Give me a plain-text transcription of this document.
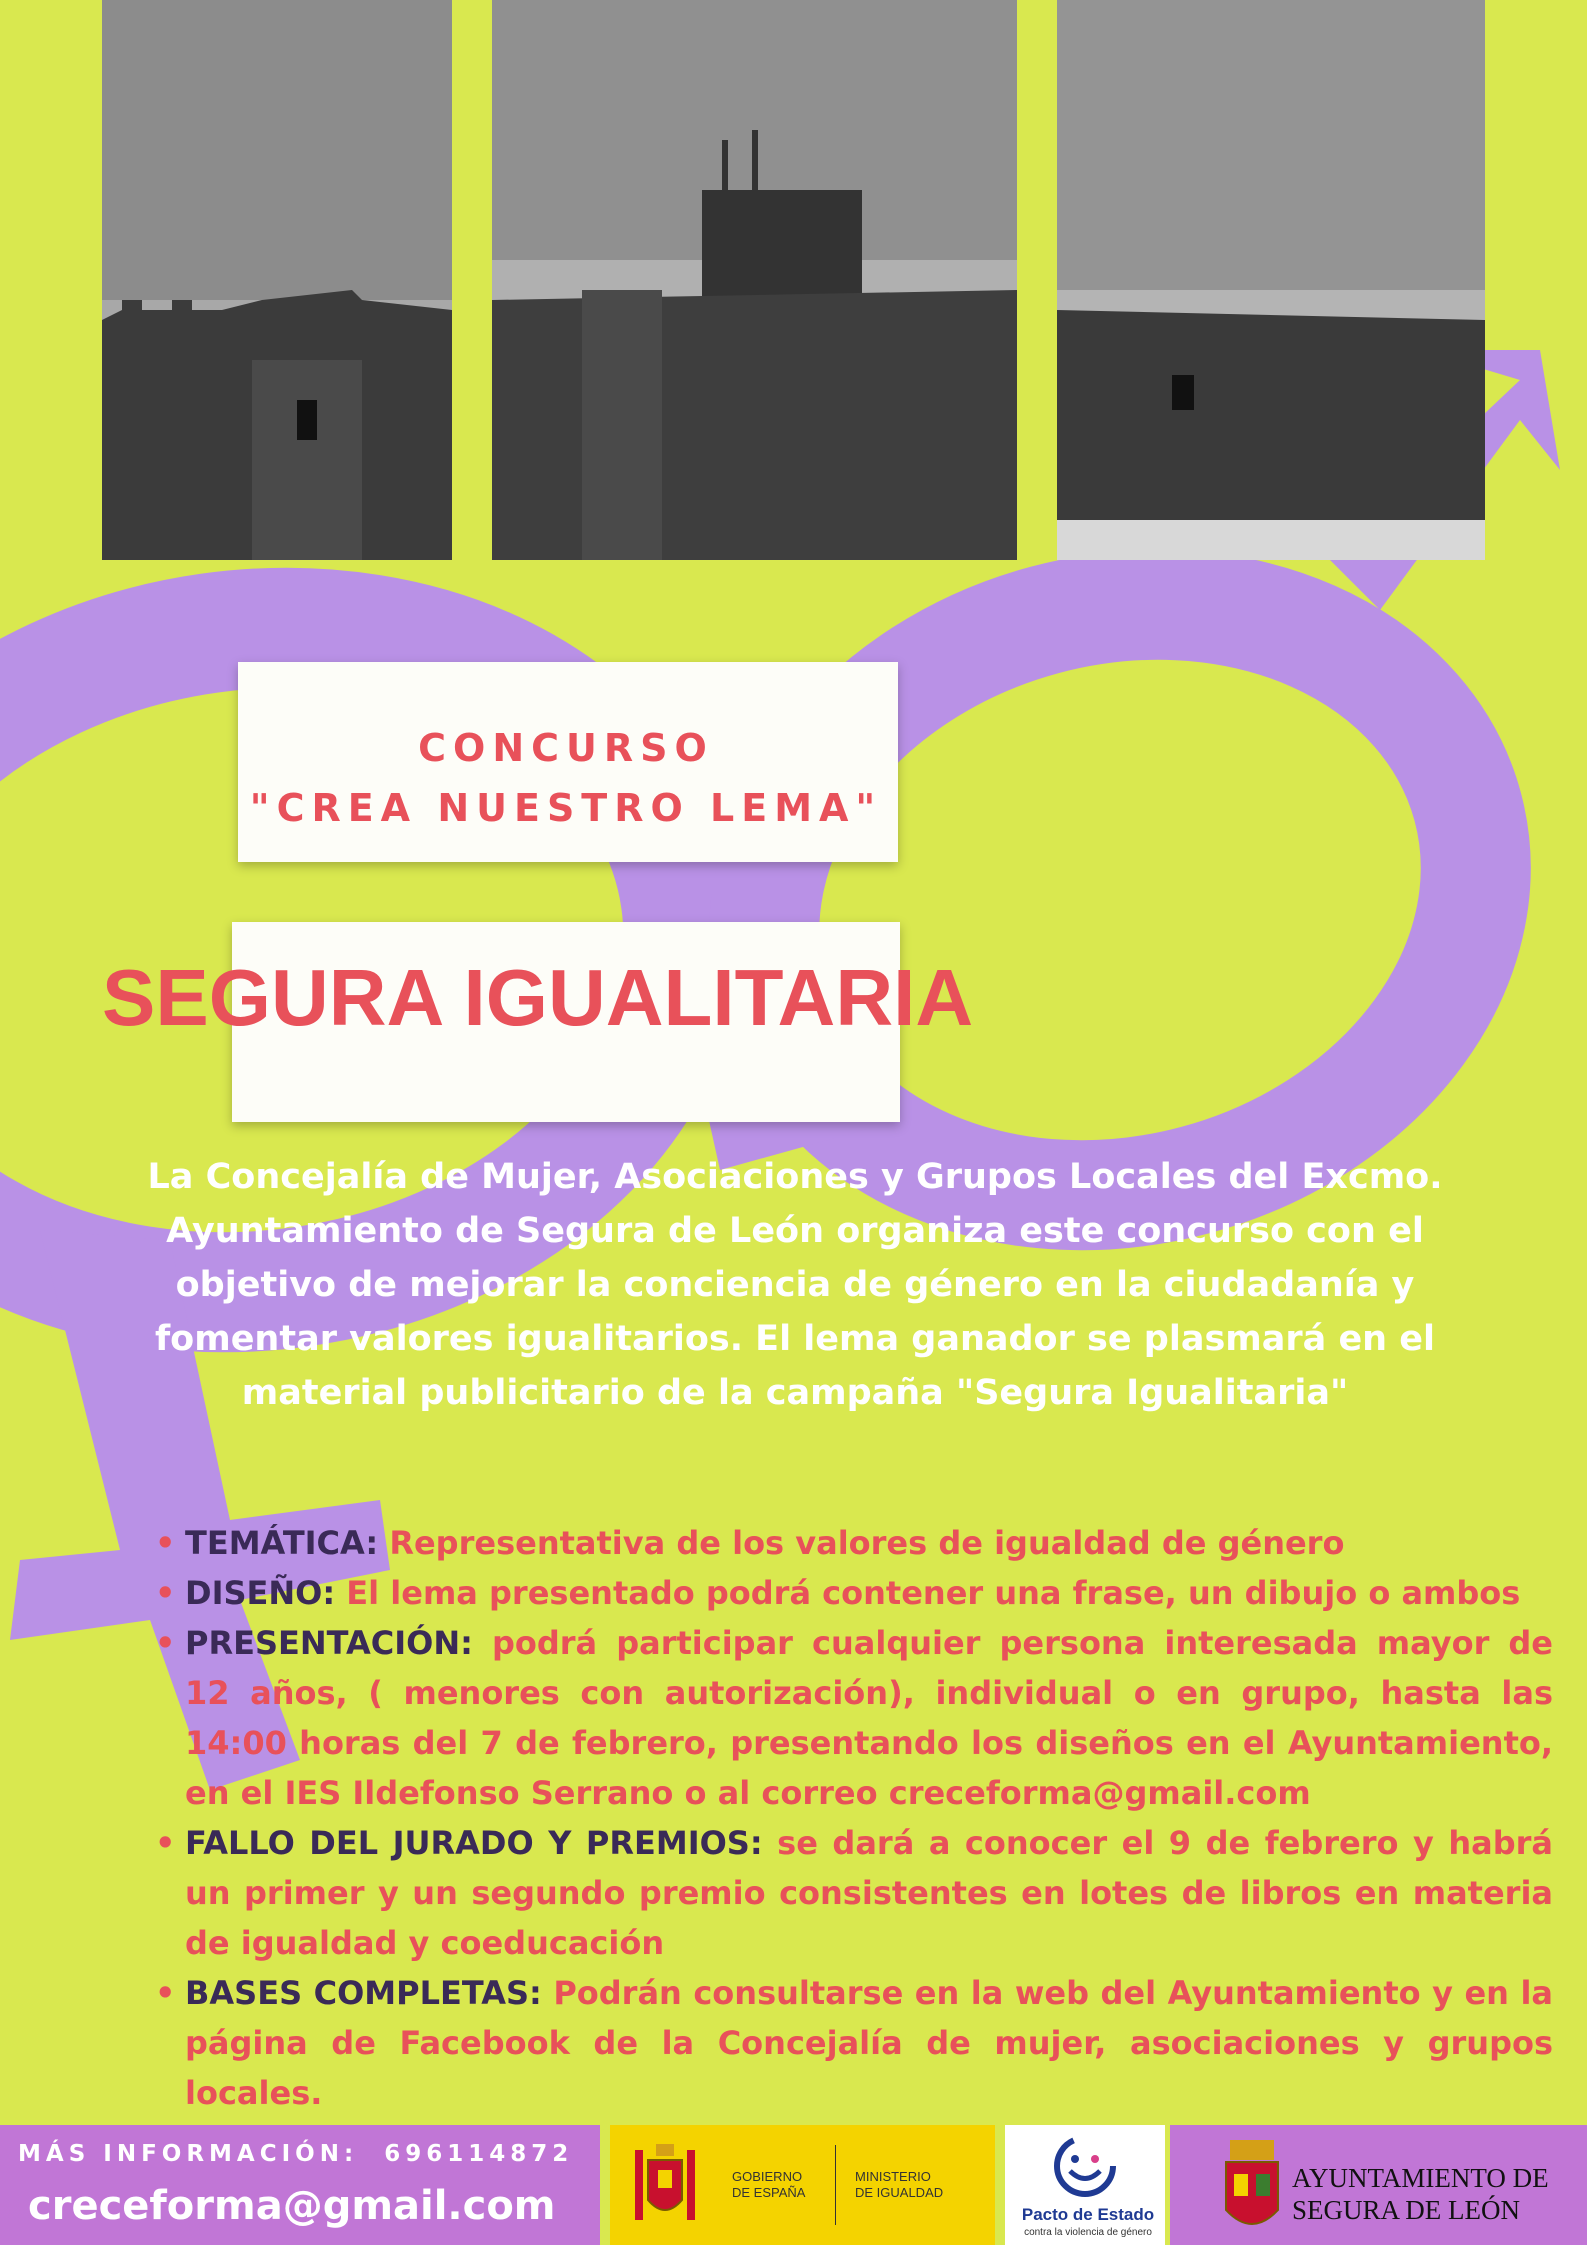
CONCURSO
"CREA NUESTRO LEMA"
SEGURA IGUALITARIA
La Concejalía de Mujer, Asociaciones y Grupos Locales del Excmo. Ayuntamiento de Segura de León organiza este concurso con el objetivo de mejorar la conciencia de género en la ciudadanía y fomentar valores igualitarios. El lema ganador se plasmará en el material publicitario de la campaña "Segura Igualitaria"
• TEMÁTICA: Representativa de los valores de igualdad de género
• DISEÑO: El lema presentado podrá contener una frase, un dibujo o ambos
• PRESENTACIÓN: podrá participar cualquier persona interesada mayor de 12 años, ( menores con autorización), individual o en grupo, hasta las 14:00 horas del 7 de febrero, presentando los diseños en el Ayuntamiento, en el IES Ildefonso Serrano o al correo creceforma@gmail.com
• FALLO DEL JURADO Y PREMIOS: se dará a conocer el 9 de febrero y habrá un primer y un segundo premio consistentes en lotes de libros en materia de igualdad y coeducación
• BASES COMPLETAS: Podrán consultarse en la web del Ayuntamiento y en la página de Facebook de la Concejalía de mujer, asociaciones y grupos locales.
MÁS INFORMACIÓN: 696114872
creceforma@gmail.com
GOBIERNO
DE ESPAÑA
MINISTERIO
DE IGUALDAD
Pacto de Estado
contra la violencia de género
AYUNTAMIENTO DE
SEGURA DE LEÓN
